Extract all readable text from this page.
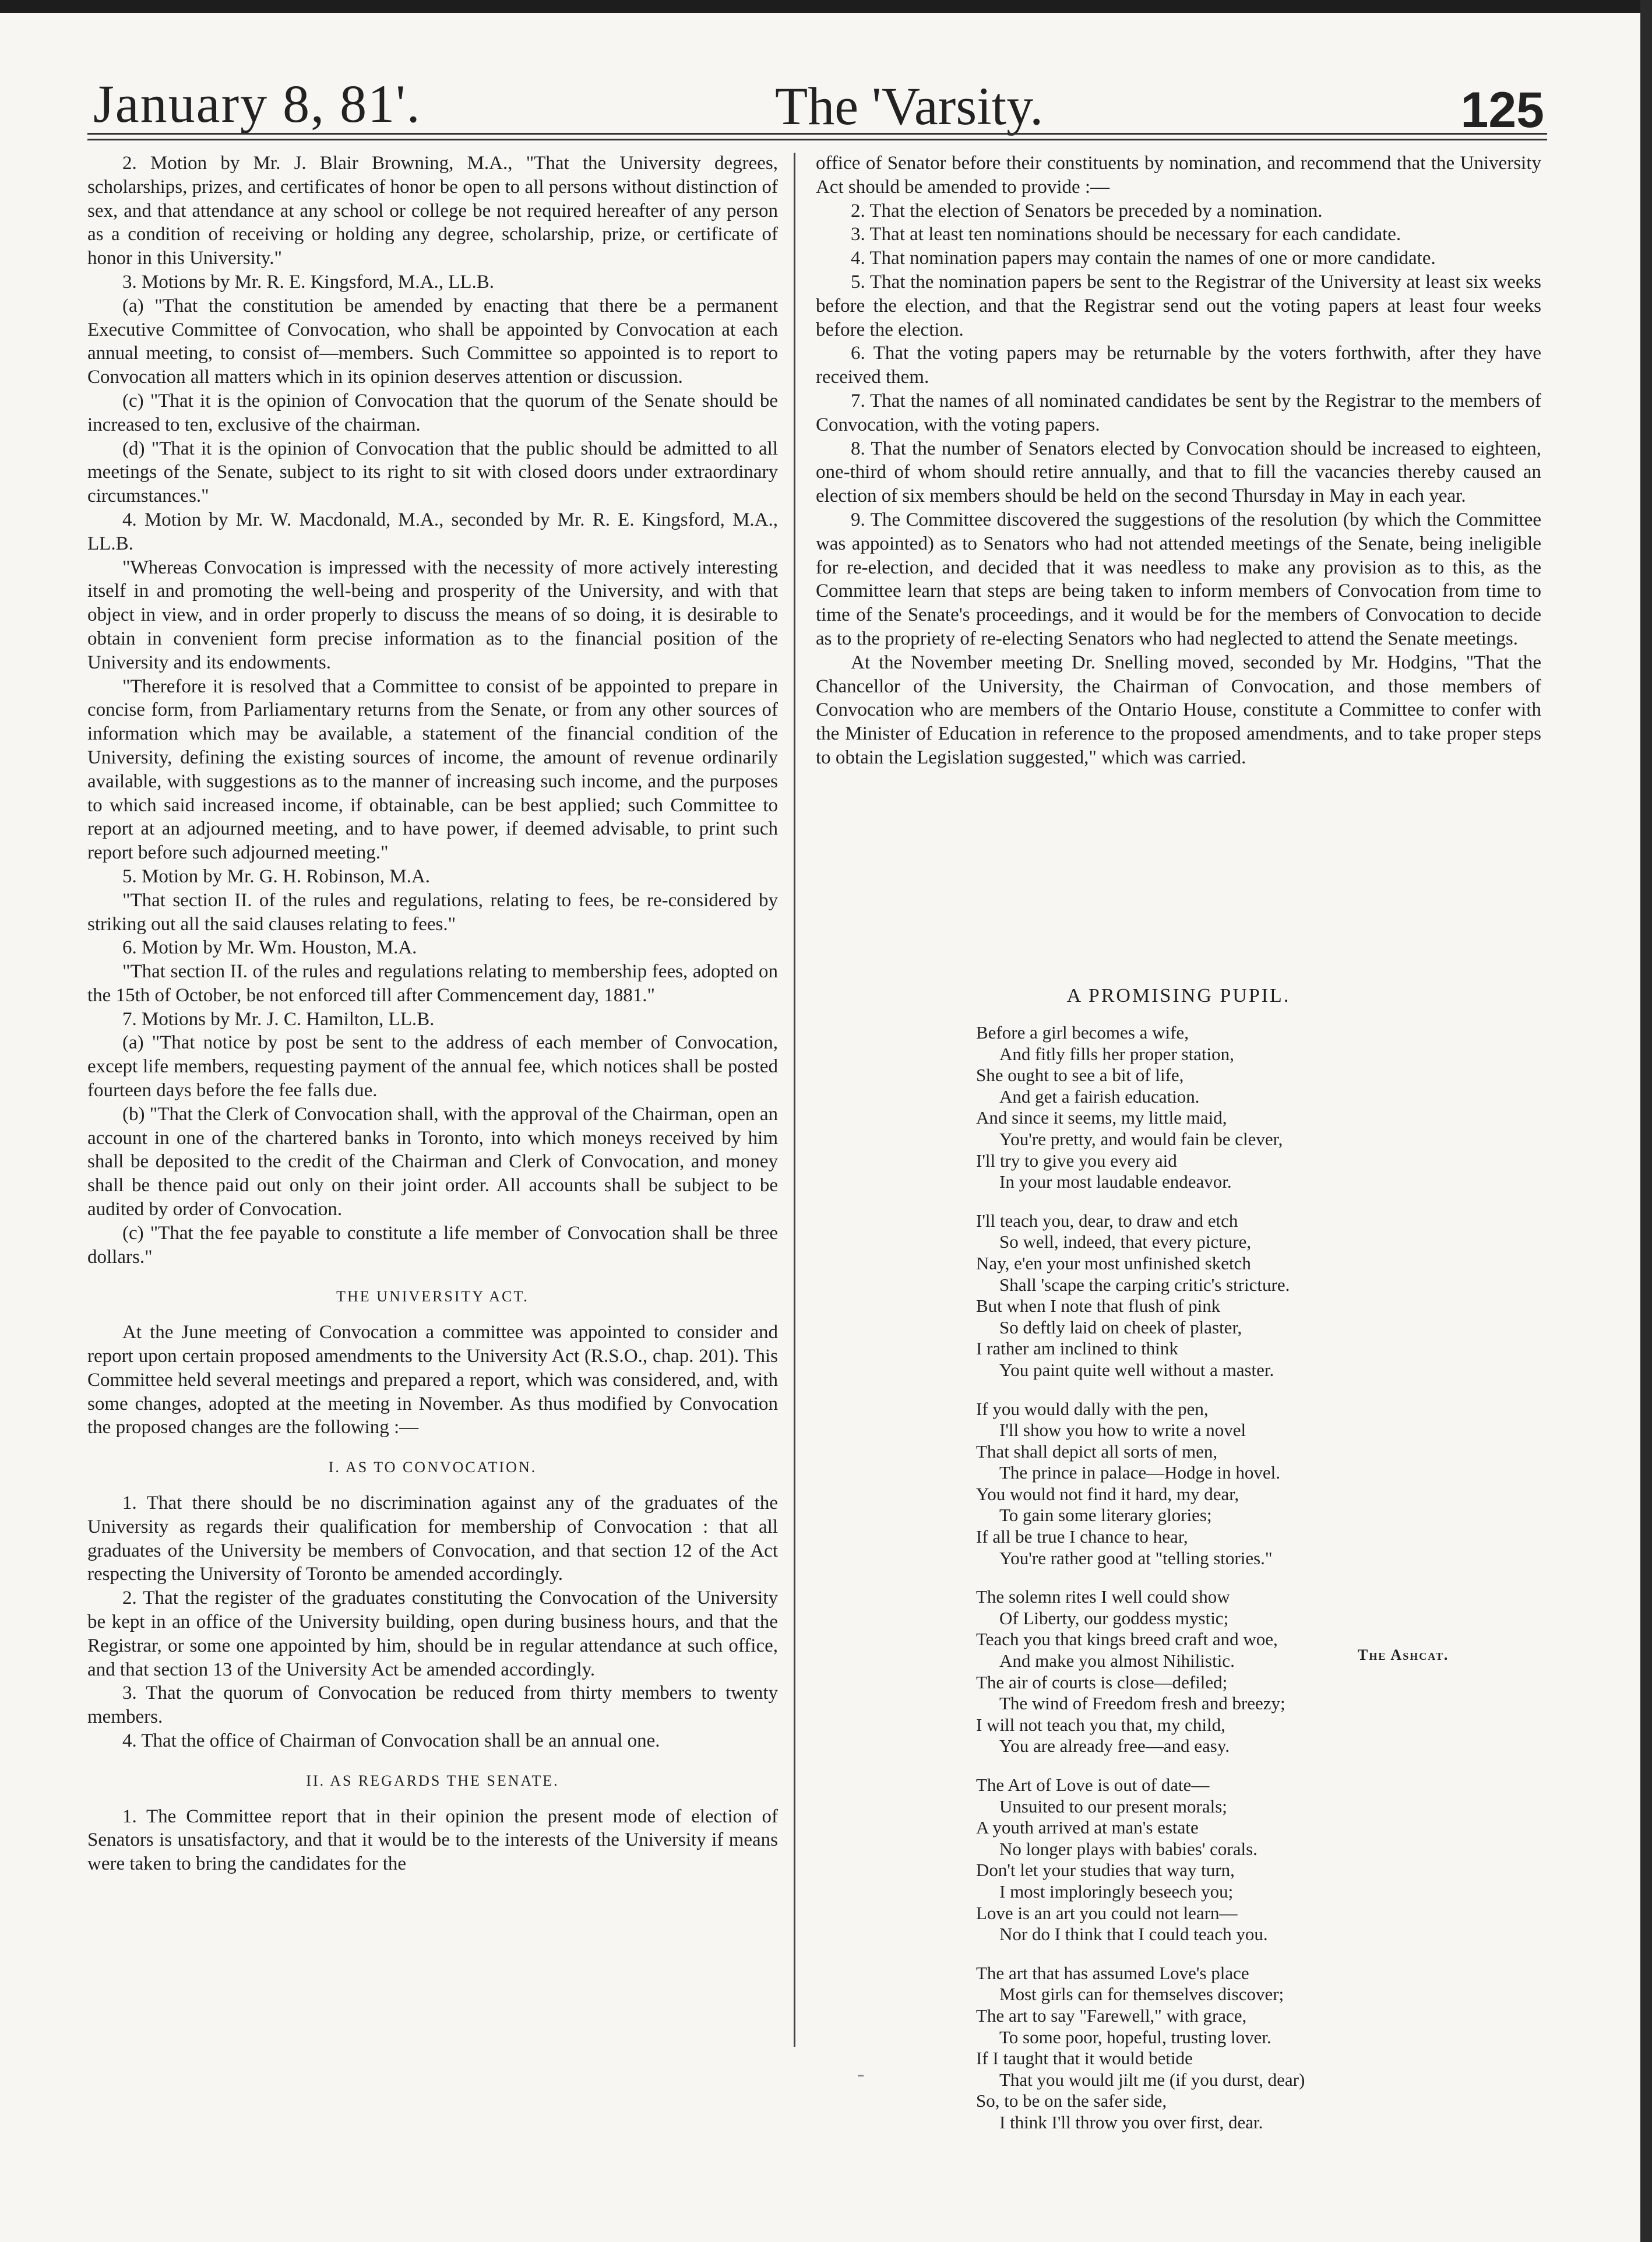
January 8, 81'.	The 'Varsity.	125

2. Motion by Mr. J. Blair Browning, M.A., "That the University degrees, scholarships, prizes, and certificates of honor be open to all persons without distinction of sex, and that attendance at any school or college be not required hereafter of any person as a condition of receiving or holding any degree, scholarship, prize, or certificate of honor in this University."

3. Motions by Mr. R. E. Kingsford, M.A., LL.B.

(a) "That the constitution be amended by enacting that there be a permanent Executive Committee of Convocation, who shall be appointed by Convocation at each annual meeting, to consist of—members. Such Committee so appointed is to report to Convocation all matters which in its opinion deserves attention or discussion.

(c) "That it is the opinion of Convocation that the quorum of the Senate should be increased to ten, exclusive of the chairman.

(d) "That it is the opinion of Convocation that the public should be admitted to all meetings of the Senate, subject to its right to sit with closed doors under extraordinary circumstances."

4. Motion by Mr. W. Macdonald, M.A., seconded by Mr. R. E. Kingsford, M.A., LL.B.

"Whereas Convocation is impressed with the necessity of more actively interesting itself in and promoting the well-being and prosperity of the University, and with that object in view, and in order properly to discuss the means of so doing, it is desirable to obtain in convenient form precise information as to the financial position of the University and its endowments.

"Therefore it is resolved that a Committee to consist of be appointed to prepare in concise form, from Parliamentary returns from the Senate, or from any other sources of information which may be available, a statement of the financial condition of the University, defining the existing sources of income, the amount of revenue ordinarily available, with suggestions as to the manner of increasing such income, and the purposes to which said increased income, if obtainable, can be best applied; such Committee to report at an adjourned meeting, and to have power, if deemed advisable, to print such report before such adjourned meeting."

5. Motion by Mr. G. H. Robinson, M.A.

"That section II. of the rules and regulations, relating to fees, be re-considered by striking out all the said clauses relating to fees."

6. Motion by Mr. Wm. Houston, M.A.

"That section II. of the rules and regulations relating to membership fees, adopted on the 15th of October, be not enforced till after Commencement day, 1881."

7. Motions by Mr. J. C. Hamilton, LL.B.

(a) "That notice by post be sent to the address of each member of Convocation, except life members, requesting payment of the annual fee, which notices shall be posted fourteen days before the fee falls due.

(b) "That the Clerk of Convocation shall, with the approval of the Chairman, open an account in one of the chartered banks in Toronto, into which moneys received by him shall be deposited to the credit of the Chairman and Clerk of Convocation, and money shall be thence paid out only on their joint order. All accounts shall be subject to be audited by order of Convocation.

(c) "That the fee payable to constitute a life member of Convocation shall be three dollars."

THE UNIVERSITY ACT.

At the June meeting of Convocation a committee was appointed to consider and report upon certain proposed amendments to the University Act (R.S.O., chap. 201). This Committee held several meetings and prepared a report, which was considered, and, with some changes, adopted at the meeting in November. As thus modified by Convocation the proposed changes are the following :—

I. AS TO CONVOCATION.

1. That there should be no discrimination against any of the graduates of the University as regards their qualification for membership of Convocation : that all graduates of the University be members of Convocation, and that section 12 of the Act respecting the University of Toronto be amended accordingly.

2. That the register of the graduates constituting the Convocation of the University be kept in an office of the University building, open during business hours, and that the Registrar, or some one appointed by him, should be in regular attendance at such office, and that section 13 of the University Act be amended accordingly.

3. That the quorum of Convocation be reduced from thirty members to twenty members.

4. That the office of Chairman of Convocation shall be an annual one.

II. AS REGARDS THE SENATE.

1. The Committee report that in their opinion the present mode of election of Senators is unsatisfactory, and that it would be to the interests of the University if means were taken to bring the candidates for the

office of Senator before their constituents by nomination, and recommend that the University Act should be amended to provide :—

2. That the election of Senators be preceded by a nomination.

3. That at least ten nominations should be necessary for each candidate.

4. That nomination papers may contain the names of one or more candidate.

5. That the nomination papers be sent to the Registrar of the University at least six weeks before the election, and that the Registrar send out the voting papers at least four weeks before the election.

6. That the voting papers may be returnable by the voters forthwith, after they have received them.

7. That the names of all nominated candidates be sent by the Registrar to the members of Convocation, with the voting papers.

8. That the number of Senators elected by Convocation should be increased to eighteen, one-third of whom should retire annually, and that to fill the vacancies thereby caused an election of six members should be held on the second Thursday in May in each year.

9. The Committee discovered the suggestions of the resolution (by which the Committee was appointed) as to Senators who had not attended meetings of the Senate, being ineligible for re-election, and decided that it was needless to make any provision as to this, as the Committee learn that steps are being taken to inform members of Convocation from time to time of the Senate's proceedings, and it would be for the members of Convocation to decide as to the propriety of re-electing Senators who had neglected to attend the Senate meetings.

At the November meeting Dr. Snelling moved, seconded by Mr. Hodgins, "That the Chancellor of the University, the Chairman of Convocation, and those members of Convocation who are members of the Ontario House, constitute a Committee to confer with the Minister of Education in reference to the proposed amendments, and to take proper steps to obtain the Legislation suggested," which was carried.

A PROMISING PUPIL.
Before a girl becomes a wife,
And fitly fills her proper station,
She ought to see a bit of life,
And get a fairish education.
And since it seems, my little maid,
You're pretty, and would fain be clever,
I'll try to give you every aid
In your most laudable endeavor.
I'll teach you, dear, to draw and etch
So well, indeed, that every picture,
Nay, e'en your most unfinished sketch
Shall 'scape the carping critic's stricture.
But when I note that flush of pink
So deftly laid on cheek of plaster,
I rather am inclined to think
You paint quite well without a master.
If you would dally with the pen,
I'll show you how to write a novel
That shall depict all sorts of men,
The prince in palace—Hodge in hovel.
You would not find it hard, my dear,
To gain some literary glories;
If all be true I chance to hear,
You're rather good at "telling stories."
The solemn rites I well could show
Of Liberty, our goddess mystic;
Teach you that kings breed craft and woe,
And make you almost Nihilistic.
The air of courts is close—defiled;
The wind of Freedom fresh and breezy;
I will not teach you that, my child,
You are already free—and easy.
The Art of Love is out of date—
Unsuited to our present morals;
A youth arrived at man's estate
No longer plays with babies' corals.
Don't let your studies that way turn,
I most imploringly beseech you;
Love is an art you could not learn—
Nor do I think that I could teach you.
The art that has assumed Love's place
Most girls can for themselves discover;
The art to say "Farewell," with grace,
To some poor, hopeful, trusting lover.
If I taught that it would betide
That you would jilt me (if you durst, dear)
So, to be on the safer side,
I think I'll throw you over first, dear.
The Ashcat.
